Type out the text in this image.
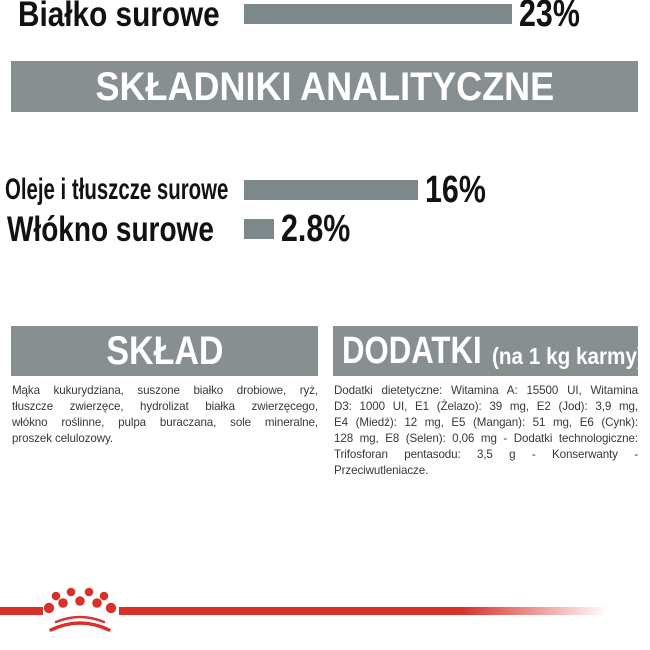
SKŁADNIKI ANALITYCZNE
Białko surowe	23%
Oleje i tłuszcze surowe	16%
Włókno surowe	2.8%
SKŁAD
Mąka kukurydziana, suszone białko drobiowe, ryż,
tłuszcze zwierzęce, hydrolizat białka zwierzęcego,
włókno roślinne, pulpa buraczana, sole mineralne,
proszek celulozowy.
DODATKI (na 1 kg karmy)
Dodatki dietetyczne: Witamina A: 15500 UI, Witamina
D3: 1000 UI, E1 (Żelazo): 39 mg, E2 (Jod): 3,9 mg,
E4 (Miedź): 12 mg, E5 (Mangan): 51 mg, E6 (Cynk):
128 mg, E8 (Selen): 0,06 mg - Dodatki technologiczne:
Trifosforan pentasodu: 3,5 g - Konserwanty -
Przeciwutleniacze.
